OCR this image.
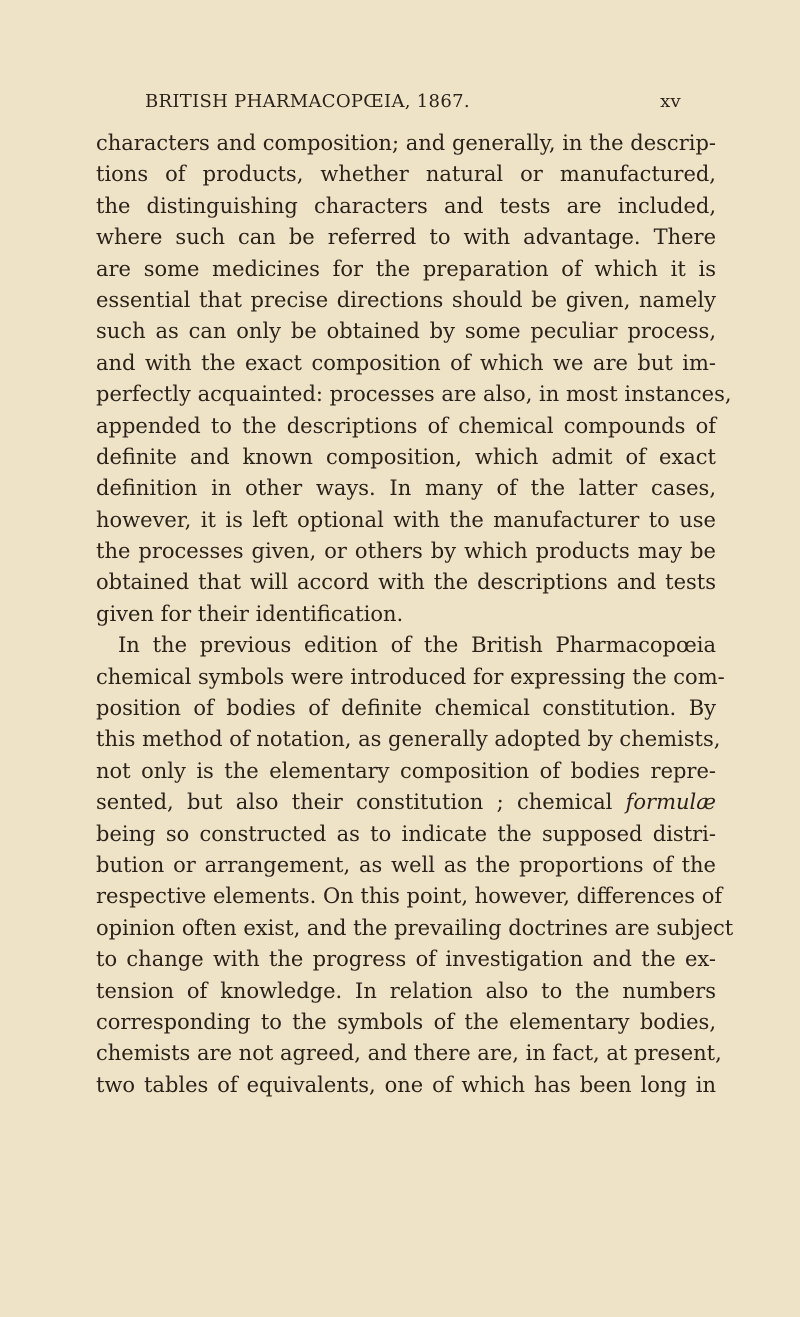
BRITISH PHARMACOPŒIA, 1867.	xv
characters and composition; and generally, in the descrip-
tions of products, whether natural or manufactured,
the distinguishing characters and tests are included,
where such can be referred to with advantage. There
are some medicines for the preparation of which it is
essential that precise directions should be given, namely
such as can only be obtained by some peculiar process,
and with the exact composition of which we are but im-
perfectly acquainted: processes are also, in most instances,
appended to the descriptions of chemical compounds of
definite and known composition, which admit of exact
definition in other ways. In many of the latter cases,
however, it is left optional with the manufacturer to use
the processes given, or others by which products may be
obtained that will accord with the descriptions and tests
given for their identification.
In the previous edition of the British Pharmacopœia
chemical symbols were introduced for expressing the com-
position of bodies of definite chemical constitution. By
this method of notation, as generally adopted by chemists,
not only is the elementary composition of bodies repre-
sented, but also their constitution ; chemical formulæ
being so constructed as to indicate the supposed distri-
bution or arrangement, as well as the proportions of the
respective elements. On this point, however, differences of
opinion often exist, and the prevailing doctrines are subject
to change with the progress of investigation and the ex-
tension of knowledge. In relation also to the numbers
corresponding to the symbols of the elementary bodies,
chemists are not agreed, and there are, in fact, at present,
two tables of equivalents, one of which has been long in
